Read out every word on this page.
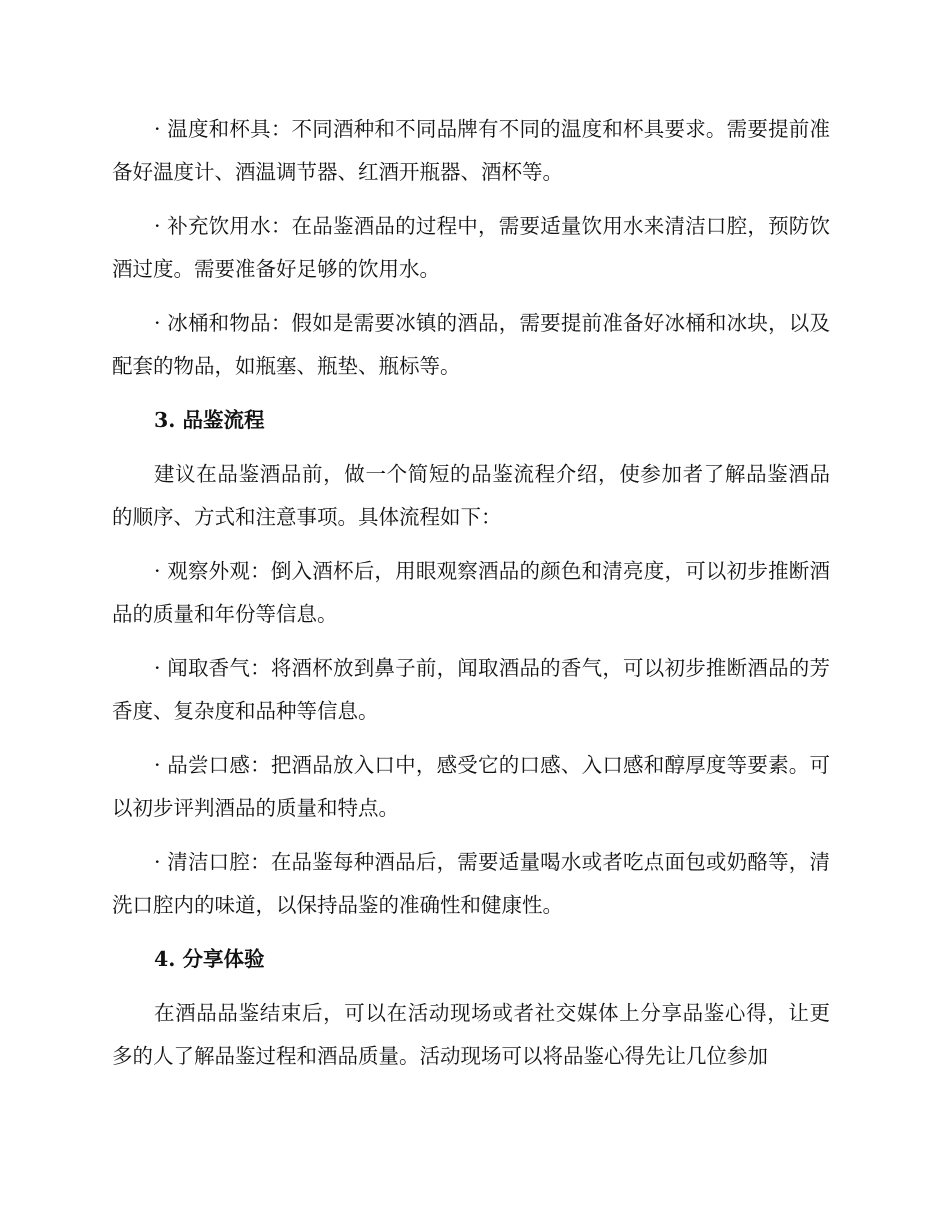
· 温度和杯具：不同酒种和不同品牌有不同的温度和杯具要求。需要提前准备好温度计、酒温调节器、红酒开瓶器、酒杯等。

· 补充饮用水：在品鉴酒品的过程中，需要适量饮用水来清洁口腔，预防饮酒过度。需要准备好足够的饮用水。

· 冰桶和物品：假如是需要冰镇的酒品，需要提前准备好冰桶和冰块，以及配套的物品，如瓶塞、瓶垫、瓶标等。

3. 品鉴流程

建议在品鉴酒品前，做一个简短的品鉴流程介绍，使参加者了解品鉴酒品的顺序、方式和注意事项。具体流程如下：

· 观察外观：倒入酒杯后，用眼观察酒品的颜色和清亮度，可以初步推断酒品的质量和年份等信息。

· 闻取香气：将酒杯放到鼻子前，闻取酒品的香气，可以初步推断酒品的芳香度、复杂度和品种等信息。

· 品尝口感：把酒品放入口中，感受它的口感、入口感和醇厚度等要素。可以初步评判酒品的质量和特点。

· 清洁口腔：在品鉴每种酒品后，需要适量喝水或者吃点面包或奶酪等，清洗口腔内的味道，以保持品鉴的准确性和健康性。

4. 分享体验

在酒品品鉴结束后，可以在活动现场或者社交媒体上分享品鉴心得，让更多的人了解品鉴过程和酒品质量。活动现场可以将品鉴心得先让几位参加
